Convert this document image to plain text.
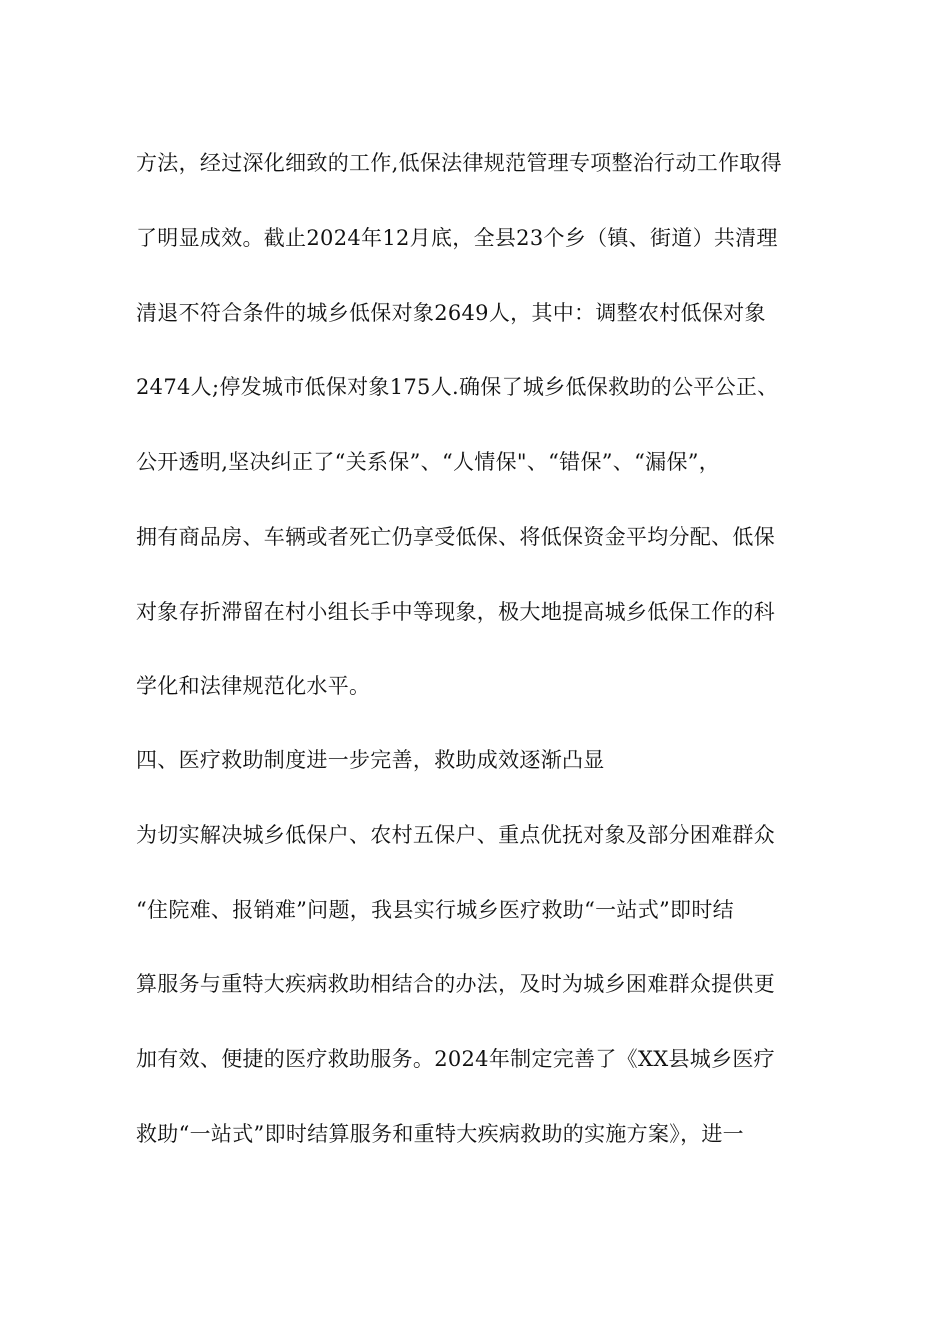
方法，经过深化细致的工作,低保法律规范管理专项整治行动工作取得
了明显成效。截止2024年12月底，全县23个乡（镇、街道）共清理
清退不符合条件的城乡低保对象2649人，其中：调整农村低保对象
2474人;停发城市低保对象175人.确保了城乡低保救助的公平公正、
公开透明,坚决纠正了“关系保”、“人情保"、“错保”、“漏保”，
拥有商品房、车辆或者死亡仍享受低保、将低保资金平均分配、低保
对象存折滞留在村小组长手中等现象，极大地提高城乡低保工作的科
学化和法律规范化水平。
四、医疗救助制度进一步完善，救助成效逐渐凸显
为切实解决城乡低保户、农村五保户、重点优抚对象及部分困难群众
“住院难、报销难”问题，我县实行城乡医疗救助“一站式”即时结
算服务与重特大疾病救助相结合的办法，及时为城乡困难群众提供更
加有效、便捷的医疗救助服务。2024年制定完善了《XX县城乡医疗
救助“一站式”即时结算服务和重特大疾病救助的实施方案》，进一
